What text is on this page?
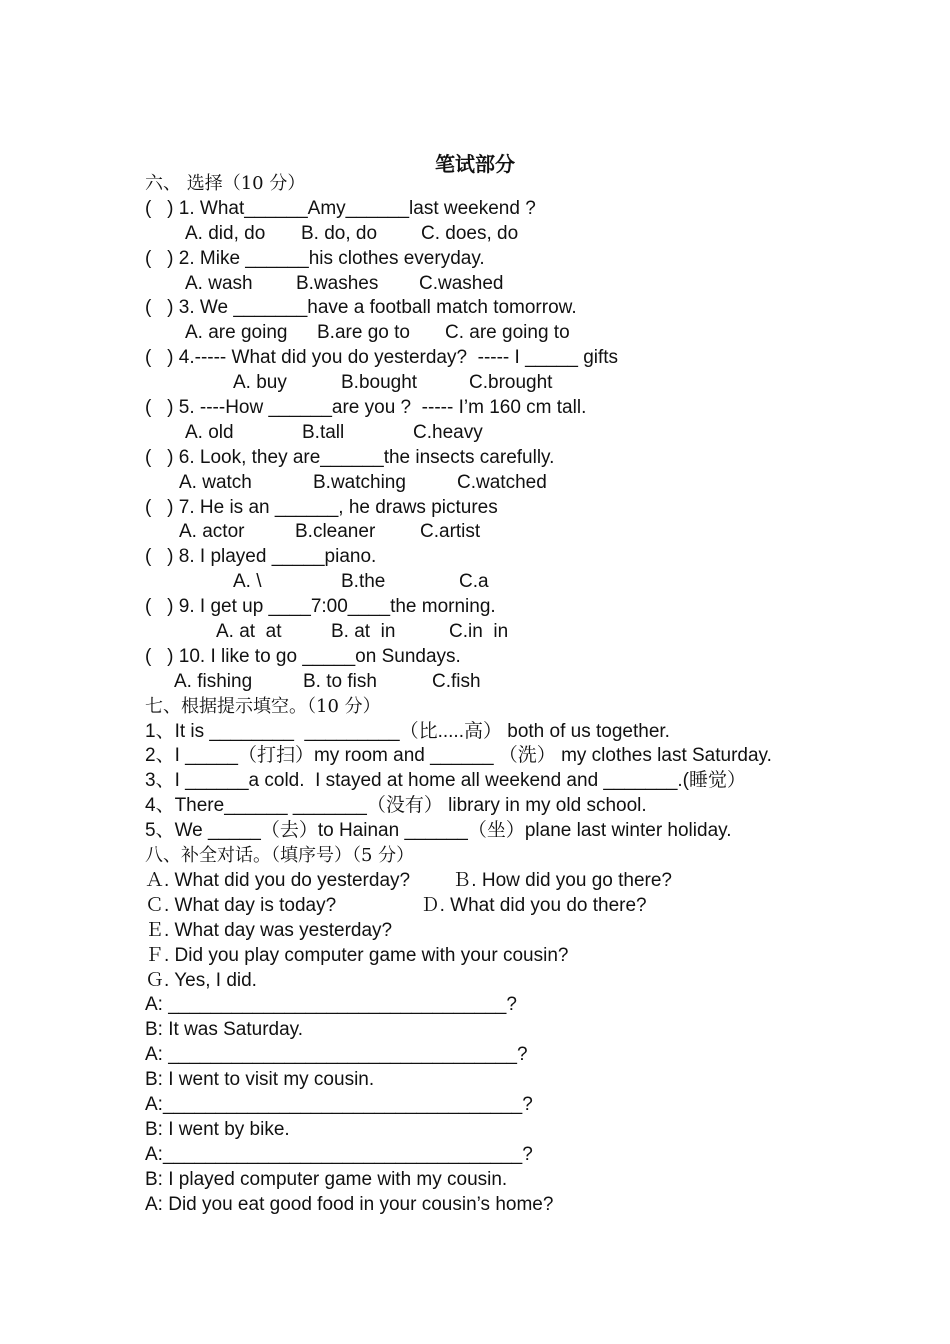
笔试部分
六、 选择（10 分）
(   ) 1. What______Amy______last weekend ?
A. did, do B. do, do C. does, do
(   ) 2. Mike ______his clothes everyday.
A. wash B.washes C.washed
(   ) 3. We _______have a football match tomorrow.
A. are going B.are go to C. are going to
(   ) 4.----- What did you do yesterday?  ----- I _____ gifts
A. buy	B.bought	C.brought
(   ) 5. ----How ______are you ?  ----- I’m 160 cm tall.
A. old	B.tall	C.heavy
(   ) 6. Look, they are______the insects carefully.
A. watch	B.watching	C.watched
(   ) 7. He is an ______, he draws pictures
A. actor	B.cleaner C.artist
(   ) 8. I played _____piano.
A. \	B.the	C.a
(   ) 9. I get up ____7:00____the morning.
A. at  at	B. at  in	C.in  in
(   ) 10. I like to go _____on Sundays.
A. fishing	B. to fish	C.fish
七、根据提示填空。（10 分）
1、It is ________  _________（比.....高） both of us together.
2、I _____（打扫）my room and ______ （洗） my clothes last Saturday.
3、I ______a cold.  I stayed at home all weekend and _______.(睡觉）
4、There______ _______（没有） library in my old school.
5、We _____（去）to Hainan ______（坐）plane last winter holiday.
八、补全对话。（填序号）（5 分）
Ａ. What did you do yesterday?        Ｂ. How did you go there?
Ｃ. What day is today?                Ｄ. What did you do there?
Ｅ. What day was yesterday?
Ｆ. Did you play computer game with your cousin?
Ｇ. Yes, I did.
A: ________________________________?
B: It was Saturday.
A: _________________________________?
B: I went to visit my cousin.
A:__________________________________?
B: I went by bike.
A:__________________________________?
B: I played computer game with my cousin.
A: Did you eat good food in your cousin’s home?
